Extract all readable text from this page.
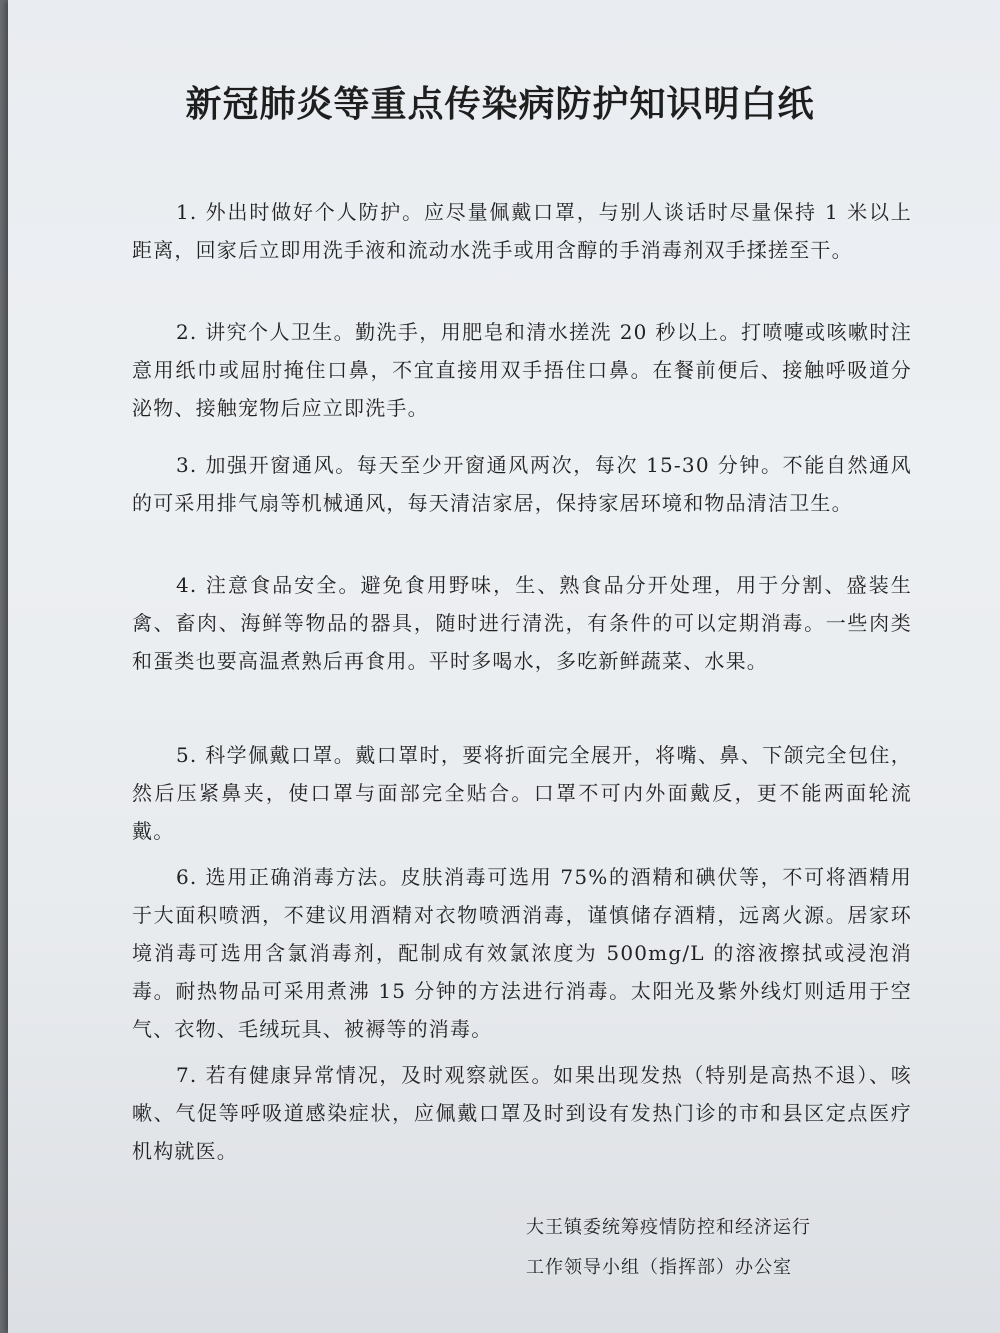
新冠肺炎等重点传染病防护知识明白纸

1. 外出时做好个人防护。应尽量佩戴口罩，与别人谈话时尽量保持 1 米以上距离，回家后立即用洗手液和流动水洗手或用含醇的手消毒剂双手揉搓至干。

2. 讲究个人卫生。勤洗手，用肥皂和清水搓洗 20 秒以上。打喷嚏或咳嗽时注意用纸巾或屈肘掩住口鼻，不宜直接用双手捂住口鼻。在餐前便后、接触呼吸道分泌物、接触宠物后应立即洗手。

3. 加强开窗通风。每天至少开窗通风两次，每次 15-30 分钟。不能自然通风的可采用排气扇等机械通风，每天清洁家居，保持家居环境和物品清洁卫生。

4. 注意食品安全。避免食用野味，生、熟食品分开处理，用于分割、盛装生禽、畜肉、海鲜等物品的器具，随时进行清洗，有条件的可以定期消毒。一些肉类和蛋类也要高温煮熟后再食用。平时多喝水，多吃新鲜蔬菜、水果。

5. 科学佩戴口罩。戴口罩时，要将折面完全展开，将嘴、鼻、下颌完全包住，然后压紧鼻夹，使口罩与面部完全贴合。口罩不可内外面戴反，更不能两面轮流戴。

6. 选用正确消毒方法。皮肤消毒可选用 75%的酒精和碘伏等，不可将酒精用于大面积喷洒，不建议用酒精对衣物喷洒消毒，谨慎储存酒精，远离火源。居家环境消毒可选用含氯消毒剂，配制成有效氯浓度为 500mg/L 的溶液擦拭或浸泡消毒。耐热物品可采用煮沸 15 分钟的方法进行消毒。太阳光及紫外线灯则适用于空气、衣物、毛绒玩具、被褥等的消毒。

7. 若有健康异常情况，及时观察就医。如果出现发热（特别是高热不退）、咳嗽、气促等呼吸道感染症状，应佩戴口罩及时到设有发热门诊的市和县区定点医疗机构就医。

大王镇委统筹疫情防控和经济运行
工作领导小组（指挥部）办公室
